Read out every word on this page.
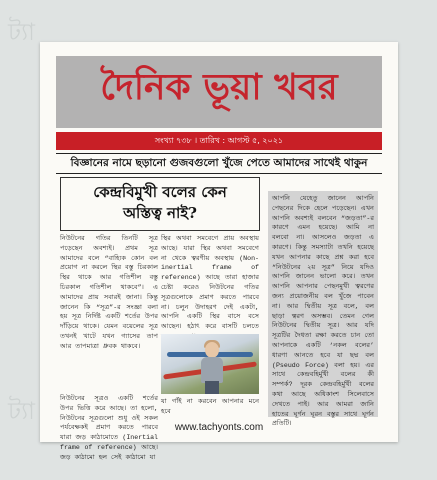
ট্যা
ট্যা
দৈনিক ভূয়া খবর
সংখ্যা ৭৩৮ । তারিখ : আগস্ট ৫, ২০২১
বিজ্ঞানের নামে ছড়ানো গুজবগুলো খুঁজে পেতে আমাদের সাথেই থাকুন
কেন্দ্রবিমুখী বলের কেন
অস্তিত্ব নাই?
নিউটনের গতির তিনটি সূত্র পড়েছেন অবশ্যই। প্রথম সূত্র আমাদের বলে “বাহ্যিক কোন বল প্রয়োগ না করলে স্থির বস্তু চিরকাল স্থির থাকে আর গতিশীল বস্তু চিরকাল গতিশীল থাকবে”। এ আমাদের প্রায় সবারই জানা। কিন্তু জানেন কি “সূত্র”-র সংজ্ঞা বলা হয় সূত্র নির্দিষ্ট একটি শর্তের উপর দাঁড়িয়ে থাকে। যেমন বয়েলের সূত্র তখনই খাটে যখন গ্যাসের তাপ আর তাপমাত্রা ধ্রুবক থাকবে।
স্থির অথবা সমবেগে প্রায় অবস্থায় আছে। যারা স্থির অথবা সমবেগে না থেকে ত্বরণীয় অবস্থায় (Non-inertial frame of reference) আছে তারা হাজার চেষ্টা করেও নিউটনের গতির সূত্রগুলোকে প্রমাণ করতে পারবে না। চলুন উদাহরণ দেই একটা, আপনি একটি স্থির বাসে বসে আছেন। হঠাৎ করে বাসটি চলতে
নিউটনের সূত্রও একটি শর্তের উপর ভিত্তি করে আছে। তা হলো, নিউটনের সূত্রগুলো শুধু ওই সকল পর্যবেক্ষকই প্রমাণ করতে পারবে যারা জড় কাঠামোতে (Inertial frame of reference) আছে। জড় কাঠামো হল সেই কাঠামো যা
যা গাঁই না করবেন আপনার মনে হবে
আপনি যেহেতু জানেন আপনি পেছনের দিকে হেলে পড়েছেন। এখন আপনি অবশ্যই বলবেন “জড়তা”-র কারণে এমন হয়েছে। আমি না বলবো না। আসলেও জড়তা এ কারণে। কিন্তু সমস্যাটা তখনি হয়েছে যখন আপনার কাছে প্রশ্ন করা হবে “নিউটনের ২য় সূত্র” নিয়ে যদিও আপনি জানেন ভালো করে। তখন আপনি আপনার পেছনমুখী ত্বরণের জন্য প্রয়োজনীয় বল খুঁজে পাবেন না। আর দ্বিতীয় সূত্র বলে, বল ছাড়া ত্বরণ অসম্ভব। তেমন গেল নিউটনের দ্বিতীয় সূত্র। আর যদি সূত্রটির দৈধতা রক্ষা করতে চান তো আপনাকে একটি ‘নকল বলের’ ধারণা আনতে হবে যা ছদ্ম বল (Pseudo Force) বলা হয়। এর সাথে কেন্দ্রবহির্মুখী বলের কী সম্পর্ক? দূরক কেন্দ্রবহির্মুখী বলের কথা আছে অধিকাংশ সিলেবাসে দেখতে পাই। আর আমরা জানি হাতের ঘূর্ণন ঘূরন বস্তুর সাথে ঘূর্ণন প্রতিটি।
www.tachyonts.com
